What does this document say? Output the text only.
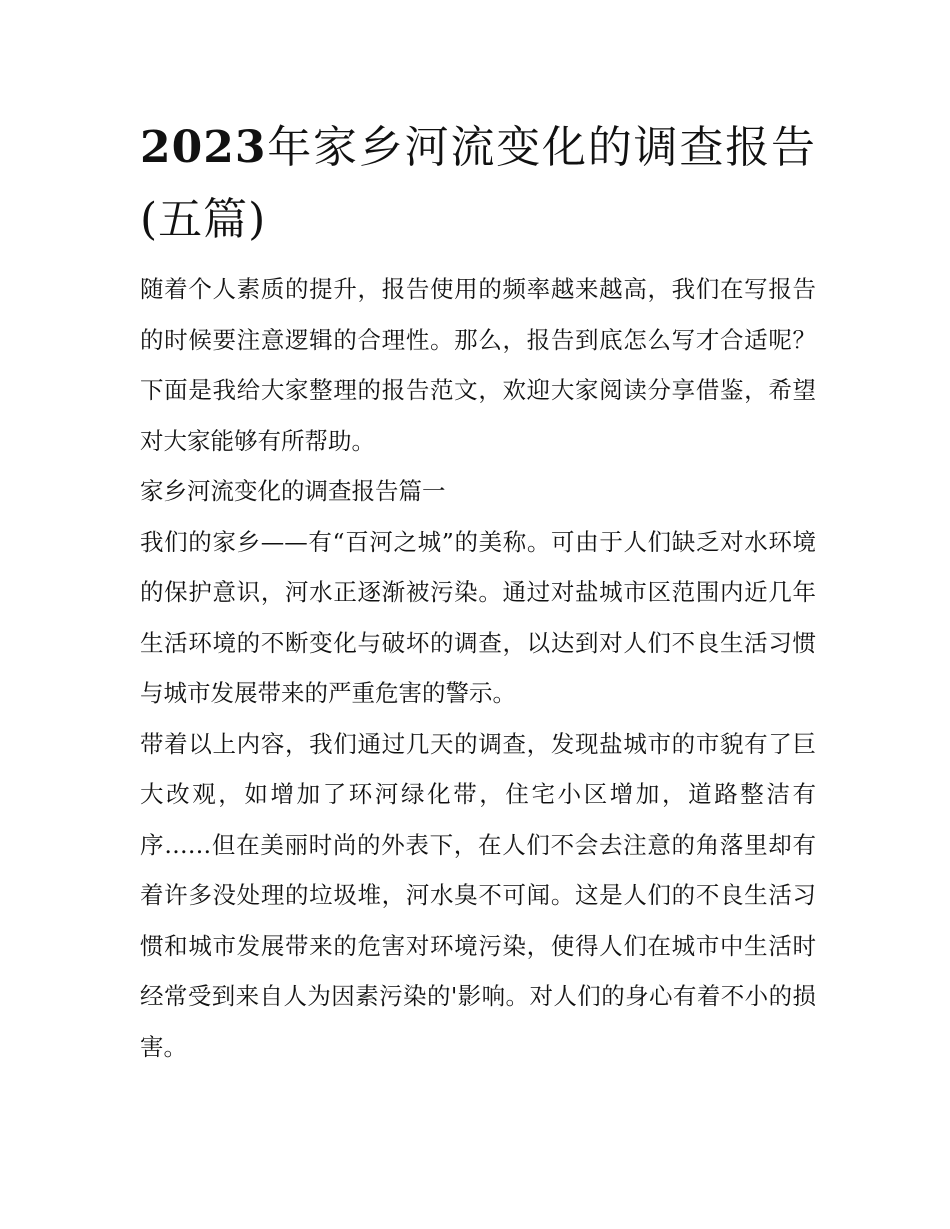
2023年家乡河流变化的调查报告(五篇)

随着个人素质的提升，报告使用的频率越来越高，我们在写报告的时候要注意逻辑的合理性。那么，报告到底怎么写才合适呢？下面是我给大家整理的报告范文，欢迎大家阅读分享借鉴，希望对大家能够有所帮助。

家乡河流变化的调查报告篇一

我们的家乡——有“百河之城”的美称。可由于人们缺乏对水环境的保护意识，河水正逐渐被污染。通过对盐城市区范围内近几年生活环境的不断变化与破坏的调查，以达到对人们不良生活习惯与城市发展带来的严重危害的警示。

带着以上内容，我们通过几天的调查，发现盐城市的市貌有了巨大改观，如增加了环河绿化带，住宅小区增加，道路整洁有序……但在美丽时尚的外表下，在人们不会去注意的角落里却有着许多没处理的垃圾堆，河水臭不可闻。这是人们的不良生活习惯和城市发展带来的危害对环境污染，使得人们在城市中生活时经常受到来自人为因素污染的'影响。对人们的身心有着不小的损害。
